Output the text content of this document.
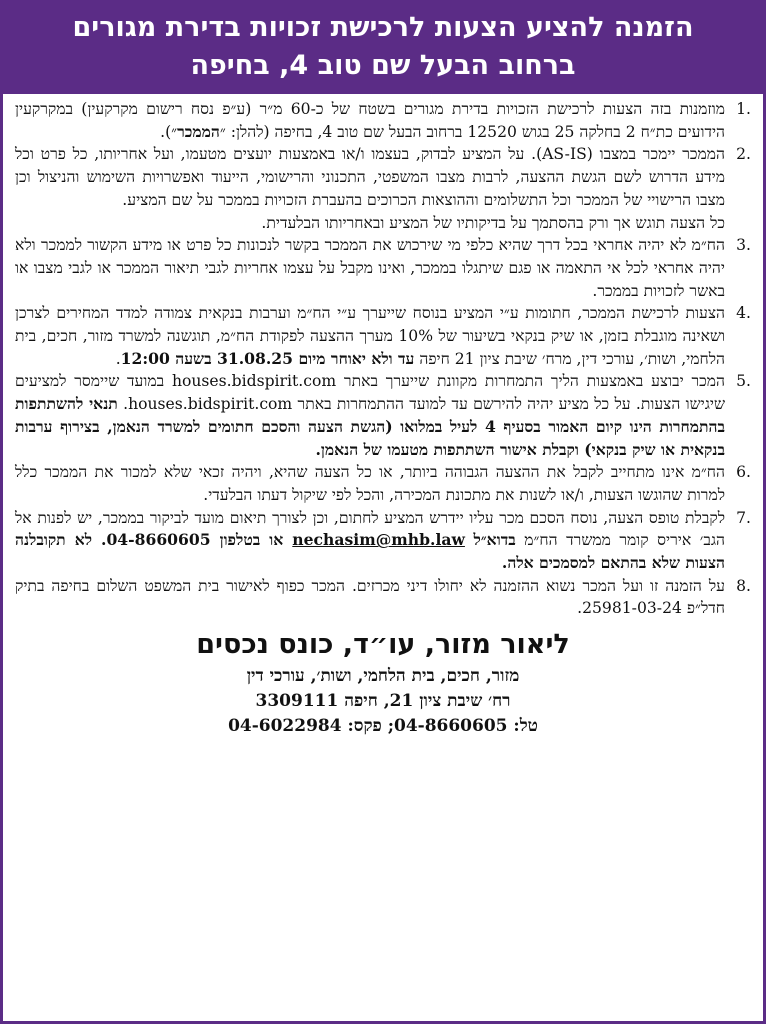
הזמנה להציע הצעות לרכישת זכויות בדירת מגורים
ברחוב הבעל שם טוב 4, בחיפה
.1
מוזמנות בזה הצעות לרכישת הזכויות בדירת מגורים בשטח של כ-60 מ״ר (ע״פ נסח רישום מקרקעין) במקרקעין הידועים כת״ח 2 בחלקה 25 בגוש 12520 ברחוב הבעל שם טוב 4, בחיפה (להלן: ״הממכר״).
.2
הממכר יימכר במצבו (AS-IS). על המציע לבדוק, בעצמו ו/או באמצעות יועצים מטעמו, ועל אחריותו, כל פרט וכל מידע הדרוש לשם הגשת ההצעה, לרבות מצבו המשפטי, התכנוני והרישומי, הייעוד ואפשרויות השימוש והניצול וכן מצבו הרישויי של הממכר וכל התשלומים וההוצאות הכרוכים בהעברת הזכויות בממכר על שם המציע.
כל הצעה תוגש אך ורק בהסתמך על בדיקותיו של המציע ובאחריותו הבלעדית.
.3
הח״מ לא יהיה אחראי בכל דרך שהיא כלפי מי שירכוש את הממכר בקשר לנכונות כל פרט או מידע הקשור לממכר ולא יהיה אחראי לכל אי התאמה או פגם שיתגלו בממכר, ואינו מקבל על עצמו אחריות לגבי תיאור הממכר או לגבי מצבו או באשר לזכויות בממכר.
.4
הצעות לרכישת הממכר, חתומות ע״י המציע בנוסח שייערך ע״י הח״מ וערבות בנקאית צמודה למדד המחירים לצרכן ושאינה מוגבלת בזמן, או שיק בנקאי בשיעור של 10% מערך ההצעה לפקודת הח״מ, תוגשנה למשרד מזור, חכים, בית הלחמי, ושות׳, עורכי דין, מרח׳ שיבת ציון 21 חיפה עד ולא יאוחר מיום 31.08.25 בשעה 12:00.
.5
המכר יבוצע באמצעות הליך התמחרות מקוונת שייערך באתר houses.bidspirit.com במועד שיימסר למציעים שיגישו הצעות. על כל מציע יהיה להירשם עד למועד ההתמחרות באתר houses.bidspirit.com. תנאי להשתתפות בהתמחרות הינו קיום האמור בסעיף 4 לעיל במלואו (הגשת הצעה והסכם חתומים למשרד הנאמן, בצירוף ערבות בנקאית או שיק בנקאי) וקבלת אישור השתתפות מטעמו של הנאמן.
.6
הח״מ אינו מתחייב לקבל את ההצעה הגבוהה ביותר, או כל הצעה שהיא, ויהיה זכאי שלא למכור את הממכר כלל למרות שהוגשו הצעות, ו/או לשנות את מתכונת המכירה, והכל לפי שיקול דעתו הבלעדי.
.7
לקבלת טופס הצעה, נוסח הסכם מכר עליו יידרש המציע לחתום, וכן לצורך תיאום מועד לביקור בממכר, יש לפנות אל הגב׳ איריס קומר ממשרד הח״מ בדוא״ל nechasim@mhb.law או בטלפון 04-8660605. לא תקובלנה הצעות שלא בהתאם למסמכים אלה.
.8
על הזמנה זו ועל המכר נשוא ההזמנה לא יחולו דיני מכרזים. המכר כפוף לאישור בית המשפט השלום בחיפה בתיק חדל״פ 25981-03-24.
ליאור מזור, עו״ד, כונס נכסים
מזור, חכים, בית הלחמי, ושות׳, עורכי דין
רח׳ שיבת ציון 21, חיפה 3309111
טל: 04-8660605; פקס: 04-6022984
